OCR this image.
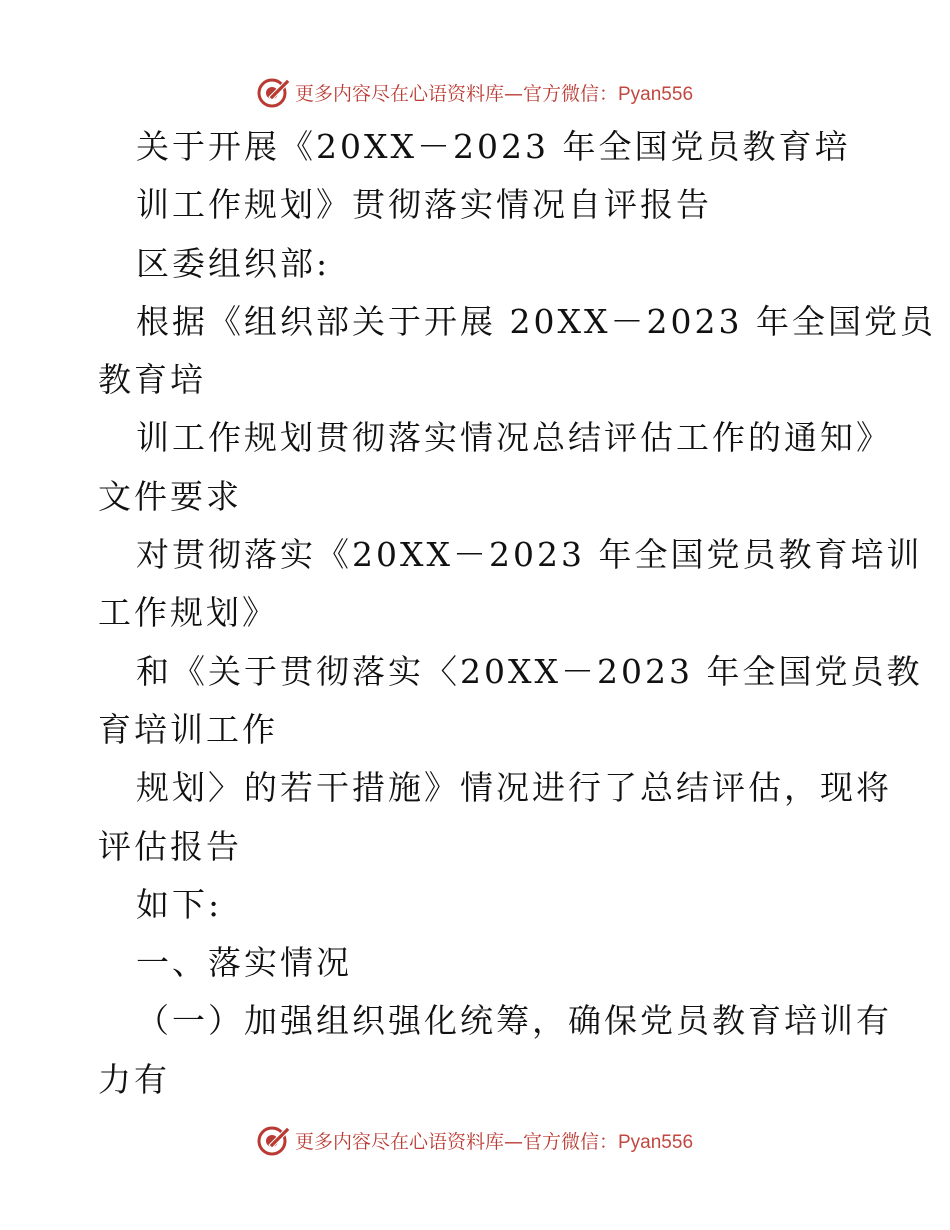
更多内容尽在心语资料库—官方微信：Pyan556

关于开展《20XX－2023 年全国党员教育培

训工作规划》贯彻落实情况自评报告

区委组织部:

根据《组织部关于开展 20XX－2023 年全国党员

教育培

训工作规划贯彻落实情况总结评估工作的通知》

文件要求

对贯彻落实《20XX－2023 年全国党员教育培训

工作规划》

和《关于贯彻落实〈20XX－2023 年全国党员教

育培训工作

规划〉的若干措施》情况进行了总结评估，现将

评估报告

如下:

一、落实情况

（一）加强组织强化统筹，确保党员教育培训有

力有

更多内容尽在心语资料库—官方微信：Pyan556
